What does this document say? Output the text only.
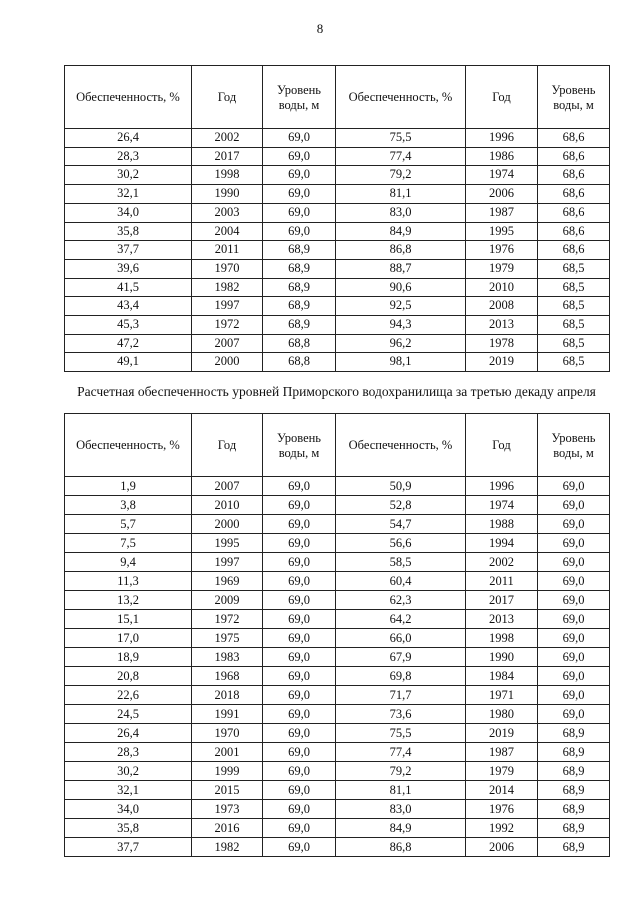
8
Обеспеченность, %	Год	Уровень воды, м	Обеспеченность, %	Год	Уровень воды, м
26,4	2002	69,0	75,5	1996	68,6
28,3	2017	69,0	77,4	1986	68,6
30,2	1998	69,0	79,2	1974	68,6
32,1	1990	69,0	81,1	2006	68,6
34,0	2003	69,0	83,0	1987	68,6
35,8	2004	69,0	84,9	1995	68,6
37,7	2011	68,9	86,8	1976	68,6
39,6	1970	68,9	88,7	1979	68,5
41,5	1982	68,9	90,6	2010	68,5
43,4	1997	68,9	92,5	2008	68,5
45,3	1972	68,9	94,3	2013	68,5
47,2	2007	68,8	96,2	1978	68,5
49,1	2000	68,8	98,1	2019	68,5
Расчетная обеспеченность уровней Приморского водохранилища за третью декаду апреля
Обеспеченность, %	Год	Уровень воды, м	Обеспеченность, %	Год	Уровень воды, м
1,9	2007	69,0	50,9	1996	69,0
3,8	2010	69,0	52,8	1974	69,0
5,7	2000	69,0	54,7	1988	69,0
7,5	1995	69,0	56,6	1994	69,0
9,4	1997	69,0	58,5	2002	69,0
11,3	1969	69,0	60,4	2011	69,0
13,2	2009	69,0	62,3	2017	69,0
15,1	1972	69,0	64,2	2013	69,0
17,0	1975	69,0	66,0	1998	69,0
18,9	1983	69,0	67,9	1990	69,0
20,8	1968	69,0	69,8	1984	69,0
22,6	2018	69,0	71,7	1971	69,0
24,5	1991	69,0	73,6	1980	69,0
26,4	1970	69,0	75,5	2019	68,9
28,3	2001	69,0	77,4	1987	68,9
30,2	1999	69,0	79,2	1979	68,9
32,1	2015	69,0	81,1	2014	68,9
34,0	1973	69,0	83,0	1976	68,9
35,8	2016	69,0	84,9	1992	68,9
37,7	1982	69,0	86,8	2006	68,9
